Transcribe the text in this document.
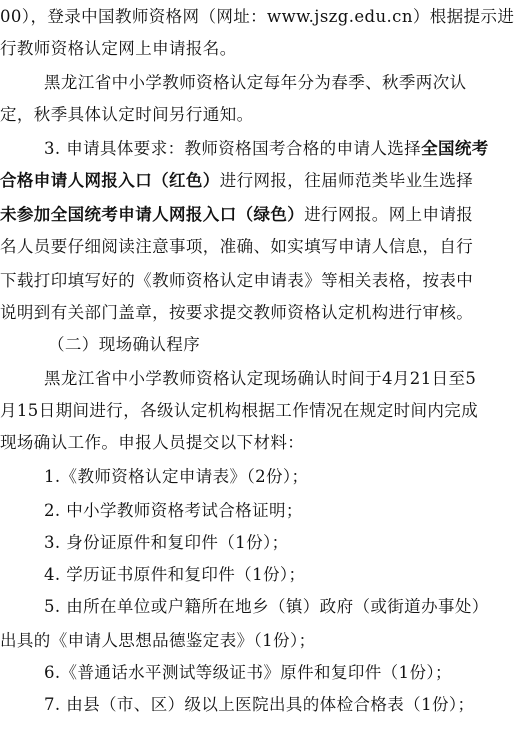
00），登录中国教师资格网（网址：www.jszg.edu.cn）根据提示进
行教师资格认定网上申请报名。
黑龙江省中小学教师资格认定每年分为春季、秋季两次认
定，秋季具体认定时间另行通知。
3. 申请具体要求：教师资格国考合格的申请人选择全国统考
合格申请人网报入口（红色）进行网报，往届师范类毕业生选择
未参加全国统考申请人网报入口（绿色）进行网报。网上申请报
名人员要仔细阅读注意事项，准确、如实填写申请人信息，自行
下载打印填写好的《教师资格认定申请表》等相关表格，按表中
说明到有关部门盖章，按要求提交教师资格认定机构进行审核。
（二）现场确认程序
黑龙江省中小学教师资格认定现场确认时间于4月21日至5
月15日期间进行，各级认定机构根据工作情况在规定时间内完成
现场确认工作。申报人员提交以下材料：
1.《教师资格认定申请表》（2份）；
2. 中小学教师资格考试合格证明；
3. 身份证原件和复印件（1份）；
4. 学历证书原件和复印件（1份）；
5. 由所在单位或户籍所在地乡（镇）政府（或街道办事处）
出具的《申请人思想品德鉴定表》（1份）；
6.《普通话水平测试等级证书》原件和复印件（1份）；
7. 由县（市、区）级以上医院出具的体检合格表（1份）；
